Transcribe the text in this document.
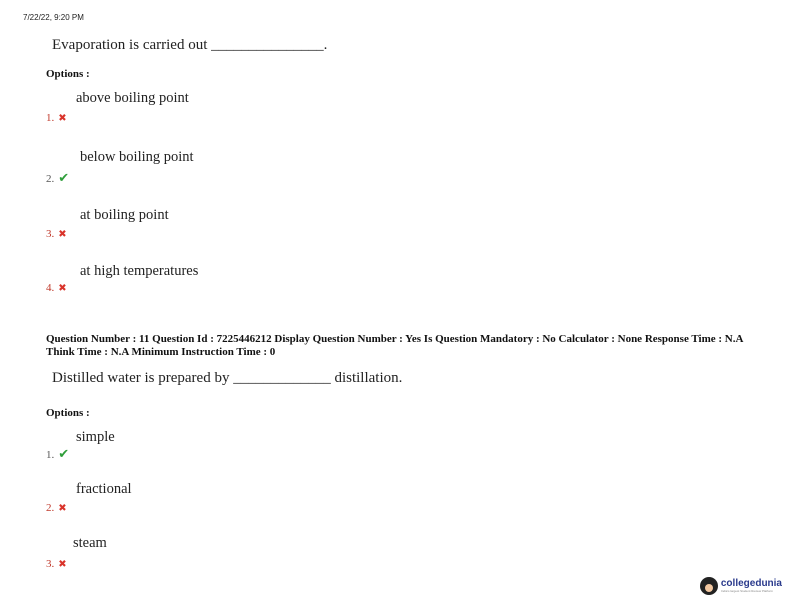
7/22/22, 9:20 PM
Evaporation is carried out _______________.
Options :
above boiling point
1. ✖
below boiling point
2. ✔
at boiling point
3. ✖
at high temperatures
4. ✖
Question Number : 11 Question Id : 7225446212 Display Question Number : Yes Is Question Mandatory : No Calculator : None Response Time : N.A Think Time : N.A Minimum Instruction Time : 0
Distilled water is prepared by _____________ distillation.
Options :
simple
1. ✔
fractional
2. ✖
steam
3. ✖
collegedunia
India's largest Student Review Platform
